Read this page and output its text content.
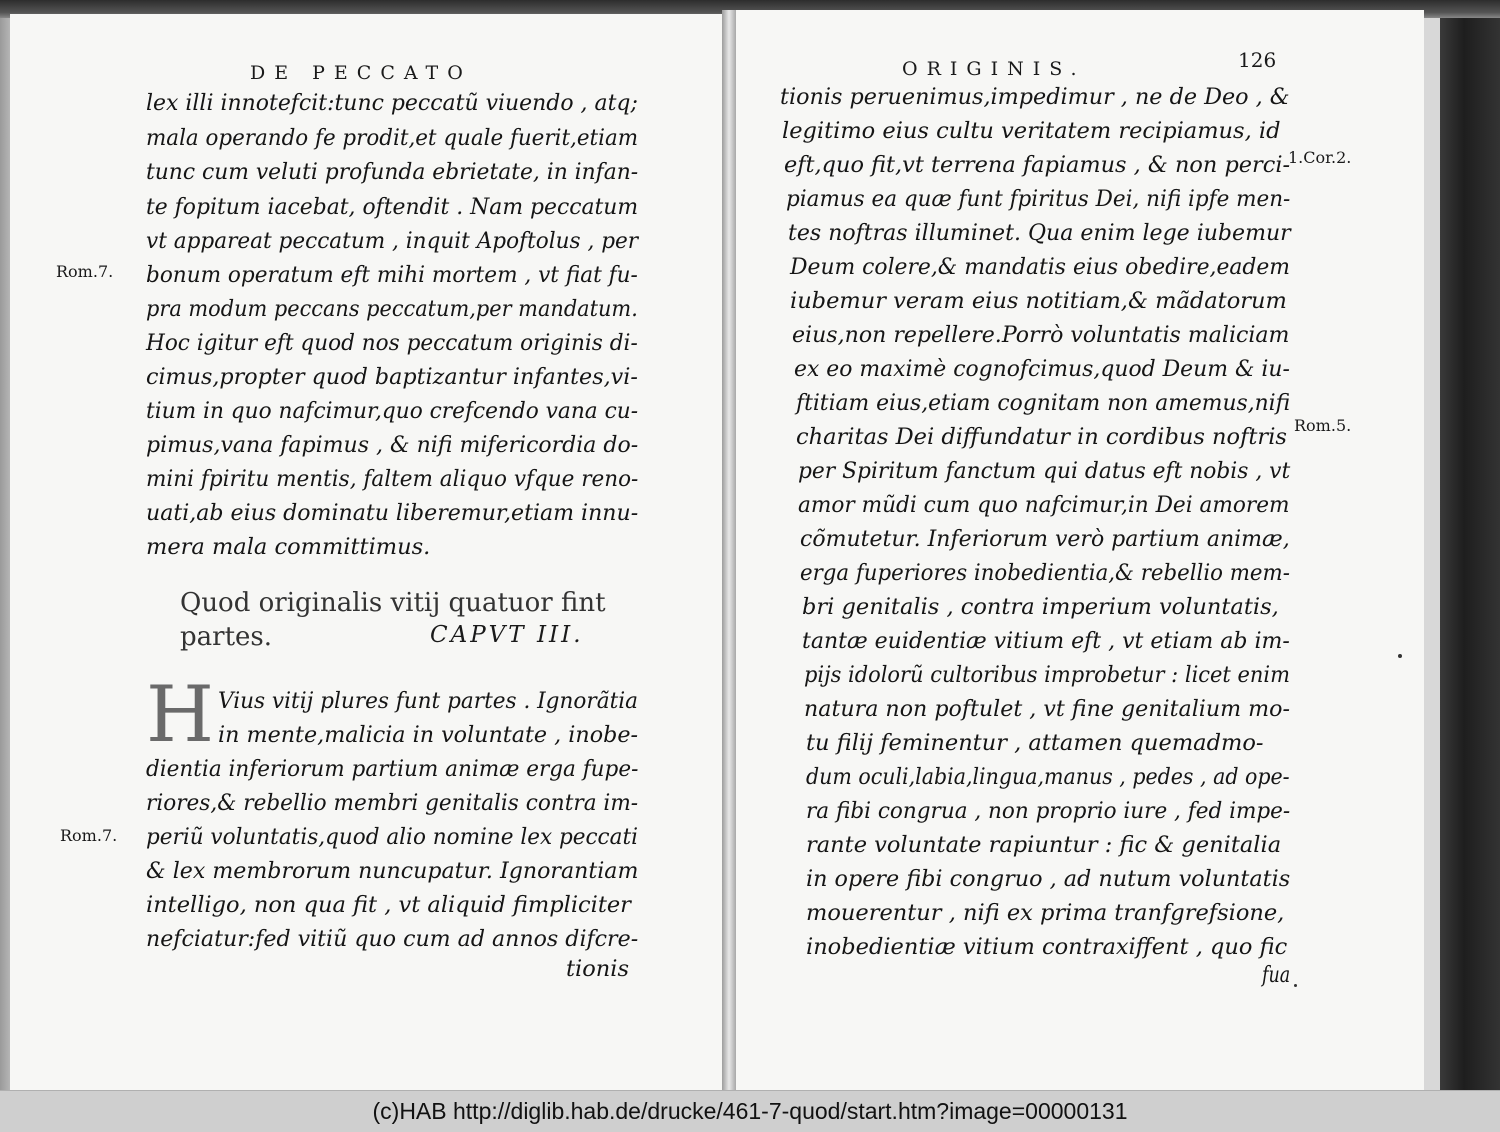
DE PECCATO
lex illi innotefcit:tunc peccatũ viuendo , atq;
mala operando fe prodit,et quale fuerit,etiam
tunc cum veluti profunda ebrietate, in infan-
te fopitum iacebat, oftendit . Nam peccatum
vt appareat peccatum , inquit Apoftolus , per
bonum operatum eft mihi mortem , vt fiat fu-
pra modum peccans peccatum,per mandatum.
Hoc igitur eft quod nos peccatum originis di-
cimus,propter quod baptizantur infantes,vi-
tium in quo nafcimur,quo crefcendo vana cu-
pimus,vana fapimus , & nifi mifericordia do-
mini fpiritu mentis, faltem aliquo vfque reno-
uati,ab eius dominatu libereтur,etiam innu-
mera mala committimus.
Rom.7.
Rom.7.
Quod originalis vitij quatuor fint
partes.	CAPVT III.
H Vius vitij plures funt partes . Ignorãtia
in mente,malicia in voluntate , inobe-
dientia inferiorum partium animæ erga fupe-
riores,& rebellio membri genitalis contra im-
periũ voluntatis,quod alio nomine lex peccati
& lex membrorum nuncupatur. Ignorantiam
intelligo, non qua fit , vt aliquid fimpliciter
nefciatur:fed vitiũ quo cum ad annos difcre-
tionis
ORIGINIS.	126
tionis peruenimus,impedimur , ne de Deo , &
legitimo eius cultu veritatem recipiamus, id
eft,quo fit,vt terrena fapiamus , & non perci-
piamus ea quæ funt fpiritus Dei, nifi ipfe men-
tes noftras illuminet. Qua enim lege iubemur
Deum colere,& mandatis eius obedire,eadem
iubemur veram eius notitiam,& mãdatorum
eius,non repellere.Porrò voluntatis maliciam
ex eo maximè cognofcimus,quod Deum & iu-
ftitiam eius,etiam cognitam non amemus,nifi
charitas Dei diffundatur in cordibus noftris
per Spiritum fanctum qui datus eft nobis , vt
amor mũdi cum quo nafcimur,in Dei amorem
cõmutetur. Inferiorum verò partium animæ,
erga fuperiores inobedientia,& rebellio mem-
bri genitalis , contra imperium voluntatis,
tantæ euidentiæ vitium eft , vt etiam ab im-
pijs idolorũ cultoribus improbetur : licet enim
natura non poftulet , vt fine genitalium mo-
tu filij feminentur , attamen quemadmo-
dum oculi,labia,lingua,manus , pedes , ad ope-
ra fibi congrua , non proprio iure , fed impe-
rante voluntate rapiuntur : fic & genitalia
in opere fibi congruo , ad nutum voluntatis
mouerentur , nifi ex prima tranfgrefsione,
inobedientiæ vitium contraxiffent , quo fic
fua
1.Cor.2.
Rom.5.
(c)HAB http://diglib.hab.de/drucke/461-7-quod/start.htm?image=00000131
